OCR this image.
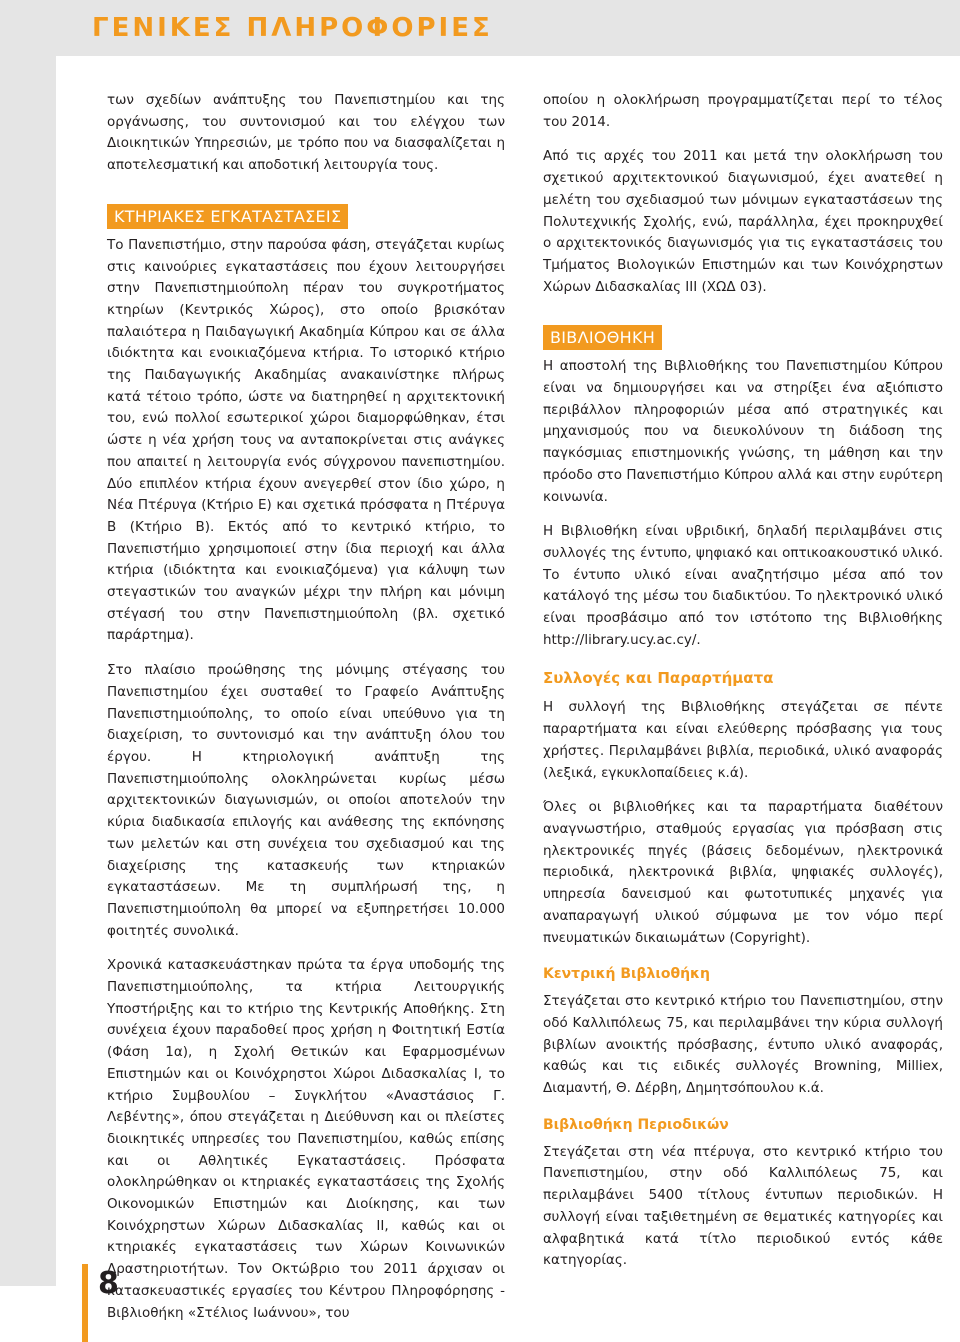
ΓΕΝΙΚΕΣ ΠΛΗΡΟΦΟΡΙΕΣ
8

των σχεδίων ανάπτυξης του Πανεπιστημίου και της οργάνωσης, του συντονισμού και του ελέγχου των Διοικητικών Υπηρεσιών, με τρόπο που να διασφαλίζεται η αποτελεσματική και αποδοτική λειτουργία τους.

ΚΤΗΡΙΑΚΕΣ ΕΓΚΑΤΑΣΤΑΣΕΙΣ

Το Πανεπιστήμιο, στην παρούσα φάση, στεγάζεται κυρίως στις καινούριες εγκαταστάσεις που έχουν λειτουργήσει στην Πανεπιστημιούπολη πέραν του συγκροτήματος κτηρίων (Κεντρικός Χώρος), στο οποίο βρισκόταν παλαιότερα η Παιδαγωγική Ακαδημία Κύπρου και σε άλλα ιδιόκτητα και ενοικιαζόμενα κτήρια. Το ιστορικό κτήριο της Παιδαγωγικής Ακαδημίας ανακαινίστηκε πλήρως κατά τέτοιο τρόπο, ώστε να διατηρηθεί η αρχιτεκτονική του, ενώ πολλοί εσωτερικοί χώροι διαμορφώθηκαν, έτσι ώστε η νέα χρήση τους να ανταποκρίνεται στις ανάγκες που απαιτεί η λειτουργία ενός σύγχρονου πανεπιστημίου. Δύο επιπλέον κτήρια έχουν ανεγερθεί στον ίδιο χώρο, η Νέα Πτέρυγα (Κτήριο Ε) και σχετικά πρόσφατα η Πτέρυγα Β (Κτήριο Β). Εκτός από το κεντρικό κτήριο, το Πανεπιστήμιο χρησιμοποιεί στην ίδια περιοχή και άλλα κτήρια (ιδιόκτητα και ενοικιαζόμενα) για κάλυψη των στεγαστικών του αναγκών μέχρι την πλήρη και μόνιμη στέγασή του στην Πανεπιστημιούπολη (βλ. σχετικό παράρτημα).

Στο πλαίσιο προώθησης της μόνιμης στέγασης του Πανεπιστημίου έχει συσταθεί το Γραφείο Ανάπτυξης Πανεπιστημιούπολης, το οποίο είναι υπεύθυνο για τη διαχείριση, το συντονισμό και την ανάπτυξη όλου του έργου. Η κτηριολογική ανάπτυξη της Πανεπιστημιούπολης ολοκληρώνεται κυρίως μέσω αρχιτεκτονικών διαγωνισμών, οι οποίοι αποτελούν την κύρια διαδικασία επιλογής και ανάθεσης της εκπόνησης των μελετών και στη συνέχεια του σχεδιασμού και της διαχείρισης της κατασκευής των κτηριακών εγκαταστάσεων. Με τη συμπλήρωσή της, η Πανεπιστημιούπολη θα μπορεί να εξυπηρετήσει 10.000 φοιτητές συνολικά.

Χρονικά κατασκευάστηκαν πρώτα τα έργα υποδομής της Πανεπιστημιούπολης, τα κτήρια Λειτουργικής Υποστήριξης και το κτήριο της Κεντρικής Αποθήκης. Στη συνέχεια έχουν παραδοθεί προς χρήση η Φοιτητική Εστία (Φάση 1α), η Σχολή Θετικών και Εφαρμοσμένων Επιστημών και οι Κοινόχρηστοι Χώροι Διδασκαλίας Ι, το κτήριο Συμβουλίου – Συγκλήτου «Αναστάσιος Γ. Λεβέντης», όπου στεγάζεται η Διεύθυνση και οι πλείστες διοικητικές υπηρεσίες του Πανεπιστημίου, καθώς επίσης και οι Αθλητικές Εγκαταστάσεις. Πρόσφατα ολοκληρώθηκαν οι κτηριακές εγκαταστάσεις της Σχολής Οικονομικών Επιστημών και Διοίκησης, και των Κοινόχρηστων Χώρων Διδασκαλίας ΙΙ, καθώς και οι κτηριακές εγκαταστάσεις των Χώρων Κοινωνικών Δραστηριοτήτων. Τον Οκτώβριο του 2011 άρχισαν οι κατασκευαστικές εργασίες του Κέντρου Πληροφόρησης - Βιβλιοθήκη «Στέλιος Ιωάννου», του

οποίου η ολοκλήρωση προγραμματίζεται περί το τέλος του 2014.

Από τις αρχές του 2011 και μετά την ολοκλήρωση του σχετικού αρχιτεκτονικού διαγωνισμού, έχει ανατεθεί η μελέτη του σχεδιασμού των μόνιμων εγκαταστάσεων της Πολυτεχνικής Σχολής, ενώ, παράλληλα, έχει προκηρυχθεί ο αρχιτεκτονικός διαγωνισμός για τις εγκαταστάσεις του Τμήματος Βιολογικών Επιστημών και των Κοινόχρηστων Χώρων Διδασκαλίας ΙΙΙ (ΧΩΔ 03).

ΒΙΒΛΙΟΘΗΚΗ

Η αποστολή της Βιβλιοθήκης του Πανεπιστημίου Κύπρου είναι να δημιουργήσει και να στηρίξει ένα αξιόπιστο περιβάλλον πληροφοριών μέσα από στρατηγικές και μηχανισμούς που να διευκολύνουν τη διάδοση της παγκόσμιας επιστημονικής γνώσης, τη μάθηση και την πρόοδο στο Πανεπιστήμιο Κύπρου αλλά και στην ευρύτερη κοινωνία.

Η Βιβλιοθήκη είναι υβριδική, δηλαδή περιλαμβάνει στις συλλογές της έντυπο, ψηφιακό και οπτικοακουστικό υλικό. Το έντυπο υλικό είναι αναζητήσιμο μέσα από τον κατάλογό της μέσω του διαδικτύου. Το ηλεκτρονικό υλικό είναι προσβάσιμο από τον ιστότοπο της Βιβλιοθήκης http://library.ucy.ac.cy/.

Συλλογές και Παραρτήματα

Η συλλογή της Βιβλιοθήκης στεγάζεται σε πέντε παραρτήματα και είναι ελεύθερης πρόσβασης για τους χρήστες. Περιλαμβάνει βιβλία, περιοδικά, υλικό αναφοράς (λεξικά, εγκυκλοπαίδειες κ.ά).

Όλες οι βιβλιοθήκες και τα παραρτήματα διαθέτουν αναγνωστήριο, σταθμούς εργασίας για πρόσβαση στις ηλεκτρονικές πηγές (βάσεις δεδομένων, ηλεκτρονικά περιοδικά, ηλεκτρονικά βιβλία, ψηφιακές συλλογές), υπηρεσία δανεισμού και φωτοτυπικές μηχανές για αναπαραγωγή υλικού σύμφωνα με τον νόμο περί πνευματικών δικαιωμάτων (Copyright).

Κεντρική Βιβλιοθήκη

Στεγάζεται στο κεντρικό κτήριο του Πανεπιστημίου, στην οδό Καλλιπόλεως 75, και περιλαμβάνει την κύρια συλλογή βιβλίων ανοικτής πρόσβασης, έντυπο υλικό αναφοράς, καθώς και τις ειδικές συλλογές Browning, Milliex, Διαμαντή, Θ. Δέρβη, Δημητσόπουλου κ.ά.

Βιβλιοθήκη Περιοδικών

Στεγάζεται στη νέα πτέρυγα, στο κεντρικό κτήριο του Πανεπιστημίου, στην οδό Καλλιπόλεως 75, και περιλαμβάνει 5400 τίτλους έντυπων περιοδικών. Η συλλογή είναι ταξιθετημένη σε θεματικές κατηγορίες και αλφαβητικά κατά τίτλο περιοδικού εντός κάθε κατηγορίας.
